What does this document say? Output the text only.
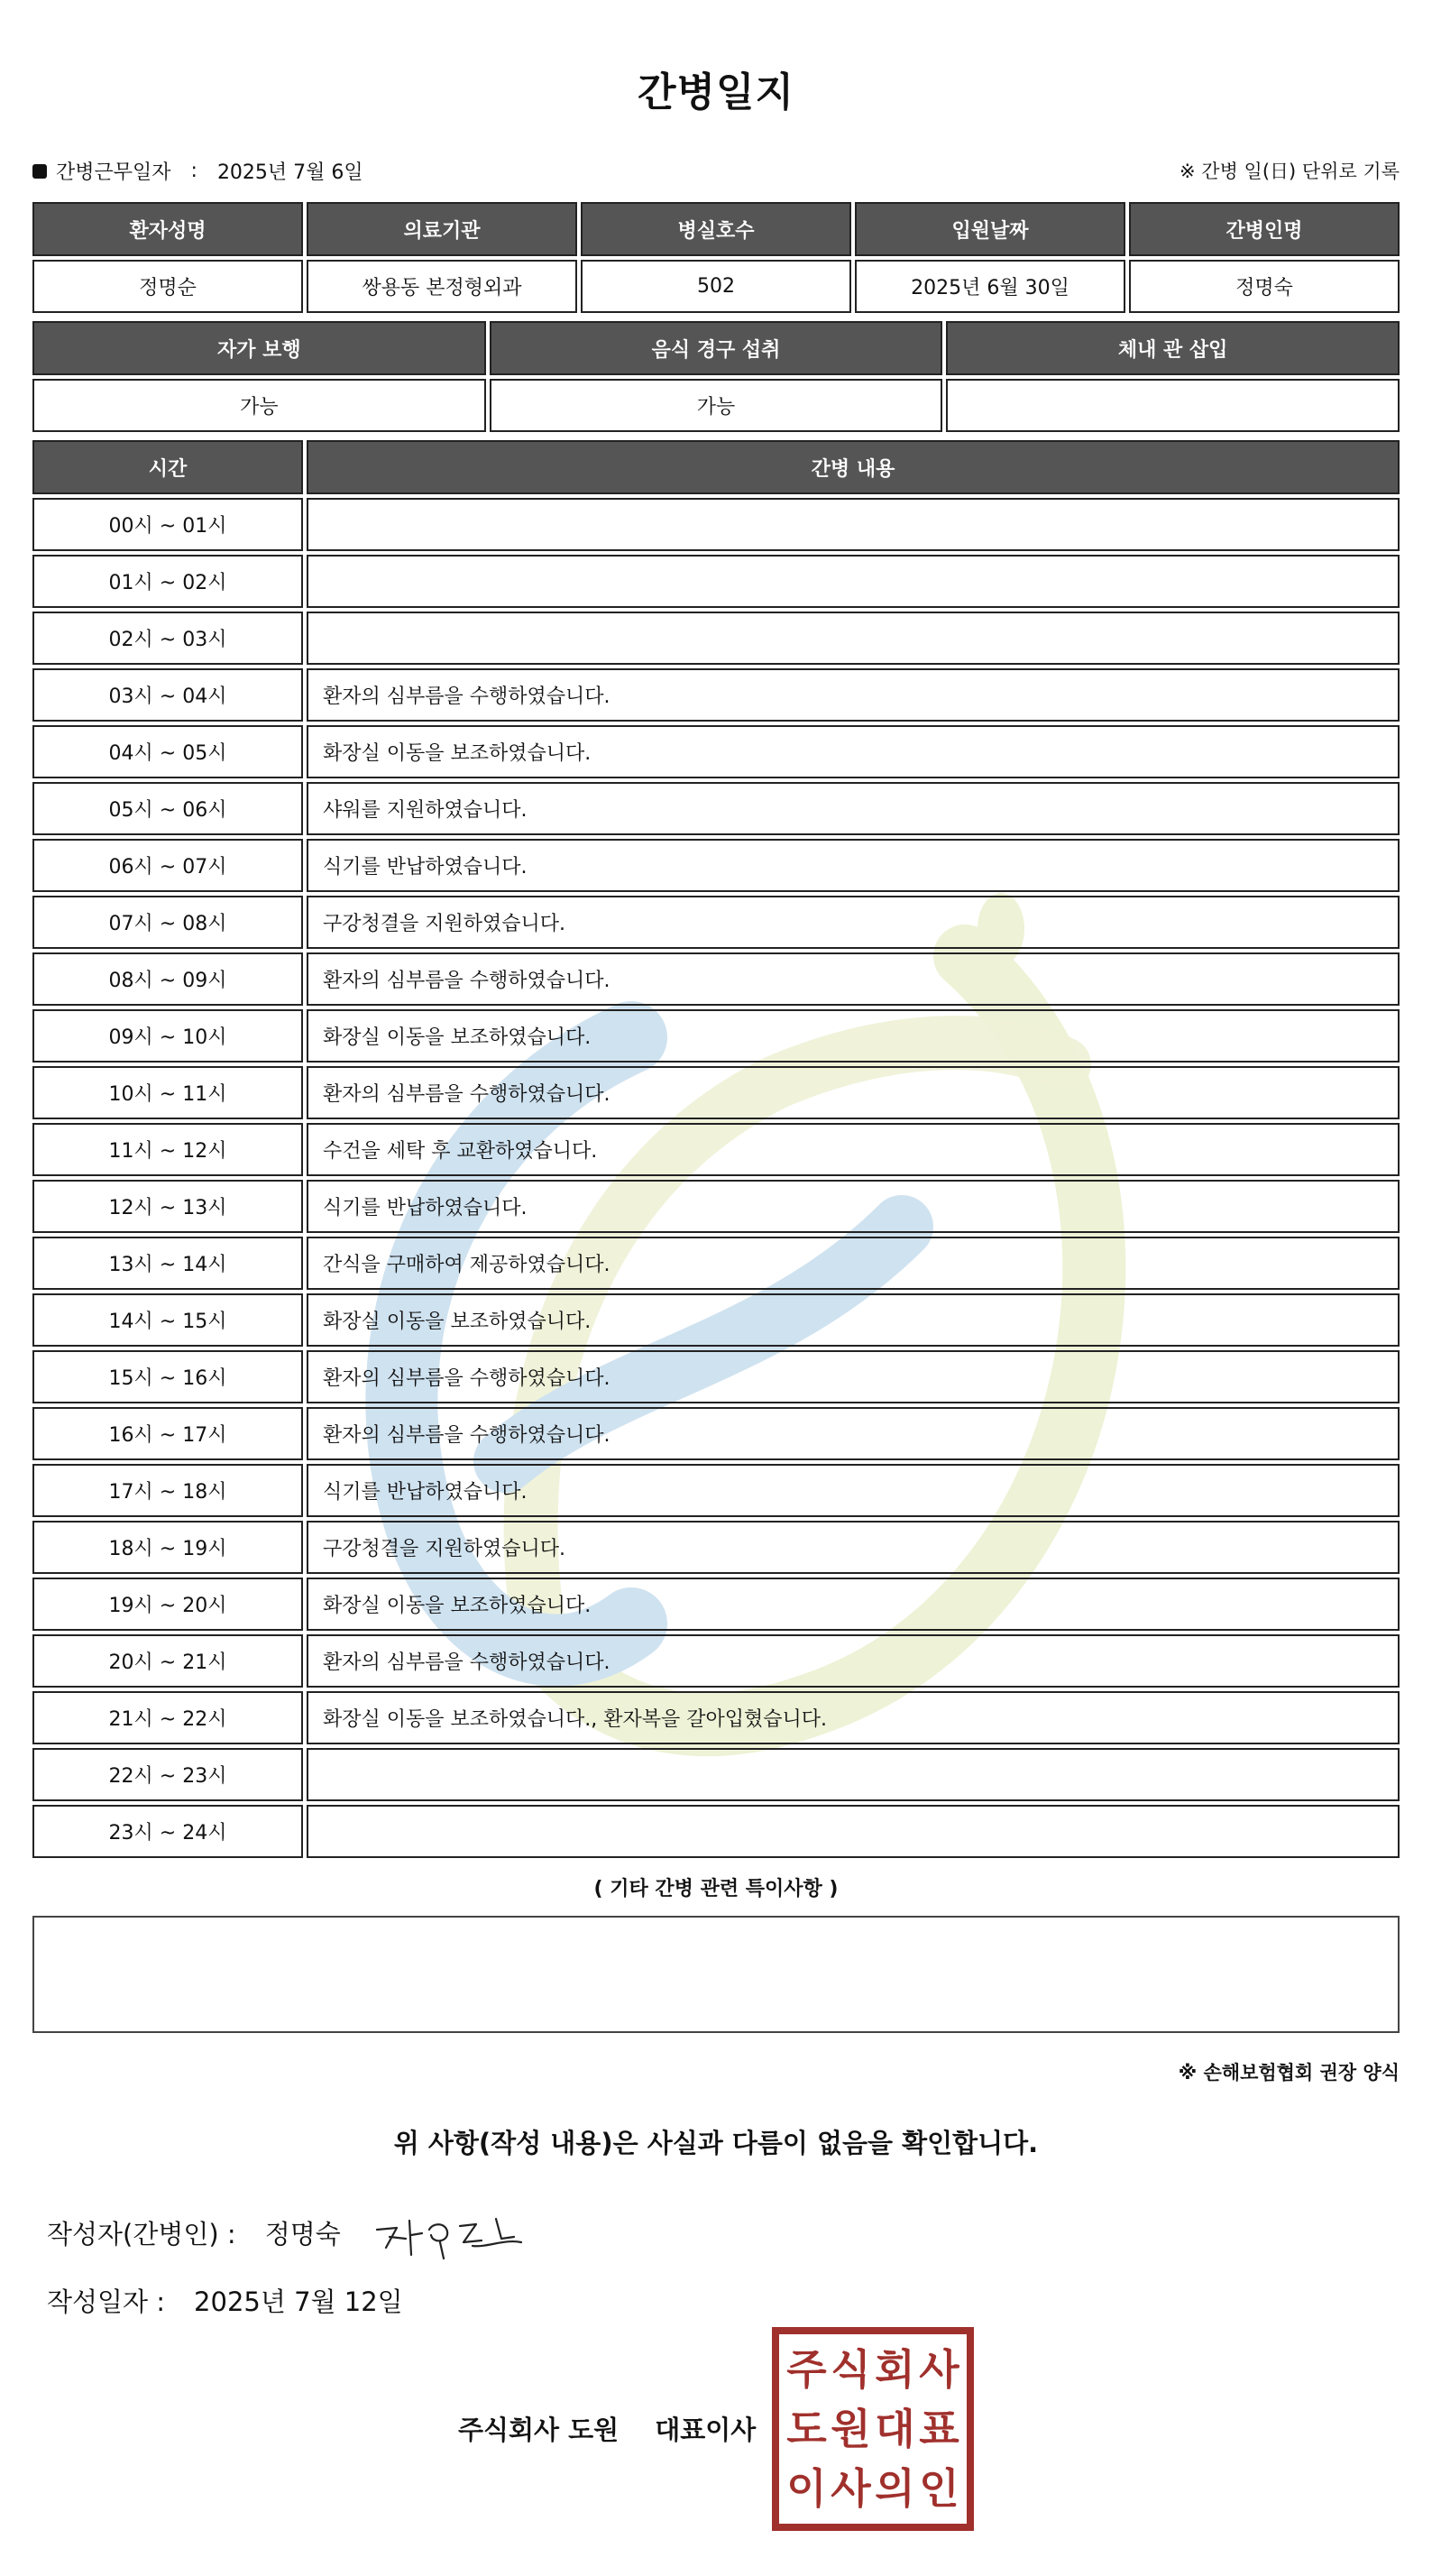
간병일지
간병근무일자 : 2025년 7월 6일	※ 간병 일(日) 단위로 기록
환자성명	의료기관	병실호수	입원날짜	간병인명
정명순	쌍용동 본정형외과	502	2025년 6월 30일	정명숙
자가 보행	음식 경구 섭취	체내 관 삽입
가능	가능	
시간	간병 내용
00시 ~ 01시	
01시 ~ 02시	
02시 ~ 03시	
03시 ~ 04시	환자의 심부름을 수행하였습니다.
04시 ~ 05시	화장실 이동을 보조하였습니다.
05시 ~ 06시	샤워를 지원하였습니다.
06시 ~ 07시	식기를 반납하였습니다.
07시 ~ 08시	구강청결을 지원하였습니다.
08시 ~ 09시	환자의 심부름을 수행하였습니다.
09시 ~ 10시	화장실 이동을 보조하였습니다.
10시 ~ 11시	환자의 심부름을 수행하였습니다.
11시 ~ 12시	수건을 세탁 후 교환하였습니다.
12시 ~ 13시	식기를 반납하였습니다.
13시 ~ 14시	간식을 구매하여 제공하였습니다.
14시 ~ 15시	화장실 이동을 보조하였습니다.
15시 ~ 16시	환자의 심부름을 수행하였습니다.
16시 ~ 17시	환자의 심부름을 수행하였습니다.
17시 ~ 18시	식기를 반납하였습니다.
18시 ~ 19시	구강청결을 지원하였습니다.
19시 ~ 20시	화장실 이동을 보조하였습니다.
20시 ~ 21시	환자의 심부름을 수행하였습니다.
21시 ~ 22시	화장실 이동을 보조하였습니다., 환자복을 갈아입혔습니다.
22시 ~ 23시	
23시 ~ 24시	
( 기타 간병 관련 특이사항 )
※ 손해보험협회 권장 양식
위 사항(작성 내용)은 사실과 다름이 없음을 확인합니다.
작성자(간병인) : 정명숙
작성일자 : 2025년 7월 12일
주식회사 도원 대표이사
주 식 회 사
도 원 대 표
이 사 의 인
